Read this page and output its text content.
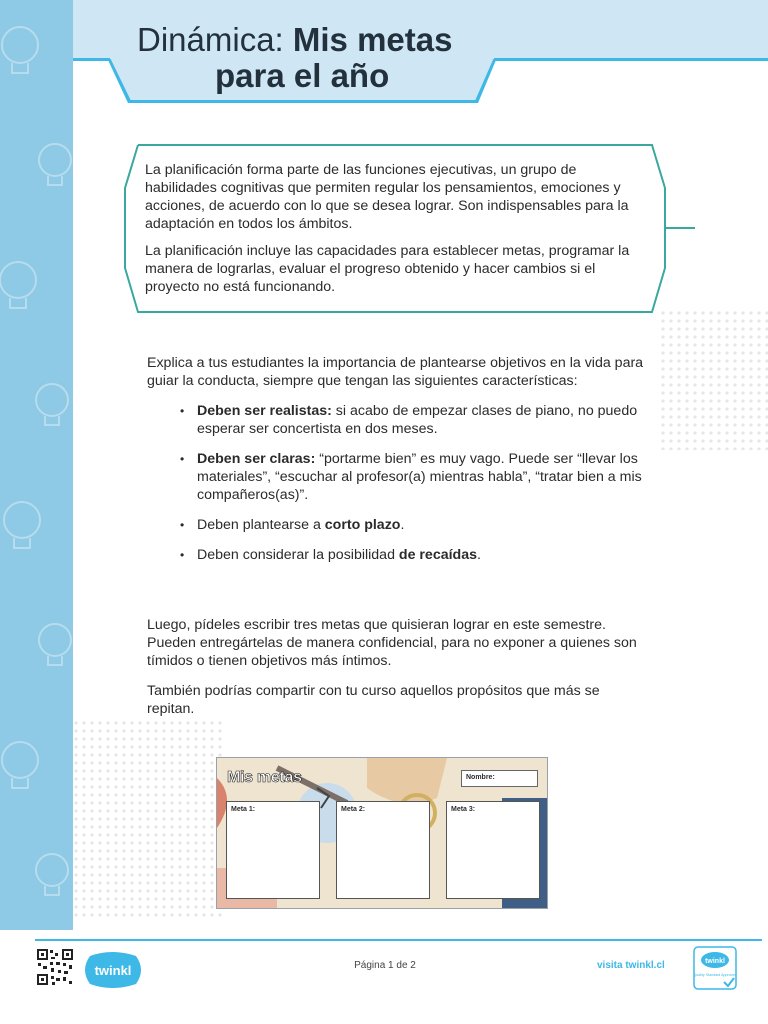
Dinámica: Mis metas
para el año

La planificación forma parte de las funciones ejecutivas, un grupo de habilidades cognitivas que permiten regular los pensamientos, emociones y acciones, de acuerdo con lo que se desea lograr. Son indispensables para la adaptación en todos los ámbitos.

La planificación incluye las capacidades para establecer metas, programar la manera de lograrlas, evaluar el progreso obtenido y hacer cambios si el proyecto no está funcionando.

Explica a tus estudiantes la importancia de plantearse objetivos en la vida para guiar la conducta, siempre que tengan las siguientes características:

• Deben ser realistas: si acabo de empezar clases de piano, no puedo esperar ser concertista en dos meses.
• Deben ser claras: “portarme bien” es muy vago. Puede ser “llevar los materiales”, “escuchar al profesor(a) mientras habla”, “tratar bien a mis compañeros(as)”.
• Deben plantearse a corto plazo.
• Deben considerar la posibilidad de recaídas.

Luego, pídeles escribir tres metas que quisieran lograr en este semestre. Pueden entregártelas de manera confidencial, para no exponer a quienes son tímidos o tienen objetivos más íntimos.

También podrías compartir con tu curso aquellos propósitos que más se repitan.

Mis metas	Nombre:
Meta 1:	Meta 2:	Meta 3:
twinkl	Página 1 de 2	visita twinkl.cl	twinkl
Quality Standard Approved
